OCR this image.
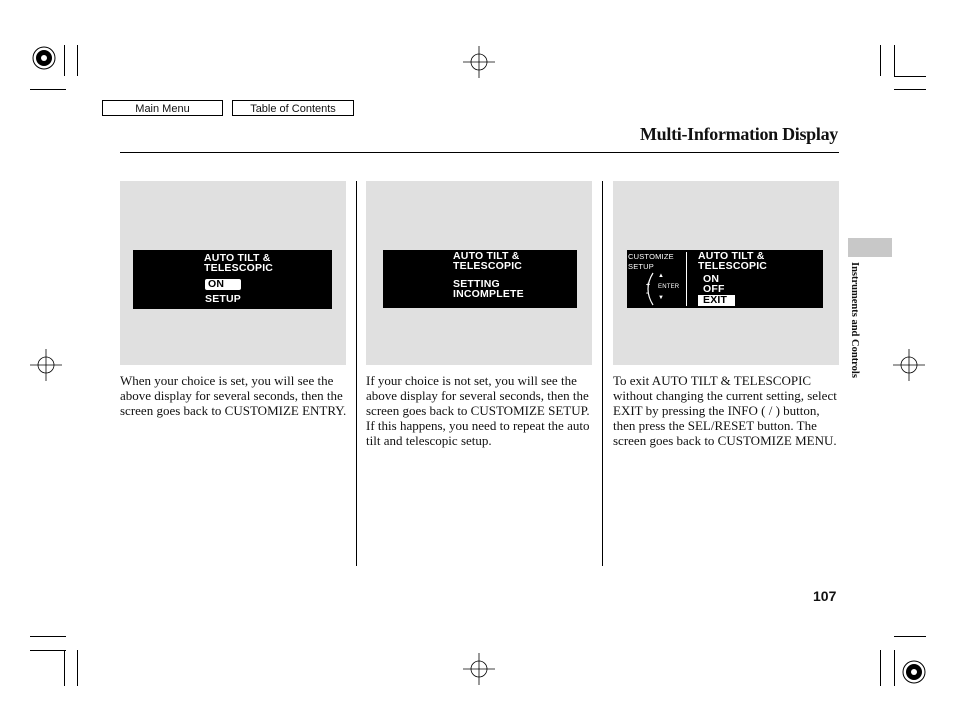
Main Menu	Table of Contents
Multi-Information Display
AUTO TILT &
TELESCOPIC
ON
SETUP
AUTO TILT &
TELESCOPIC
SETTING
INCOMPLETE
CUSTOMIZE
SETUP
+
-
▲
ENTER
▼
AUTO TILT &
TELESCOPIC
ON
OFF
EXIT

When your choice is set, you will see the above display for several seconds, then the screen goes back to CUSTOMIZE ENTRY.

If your choice is not set, you will see the above display for several seconds, then the screen goes back to CUSTOMIZE SETUP. If this happens, you need to repeat the auto tilt and telescopic setup.

To exit AUTO TILT & TELESCOPIC without changing the current setting, select EXIT by pressing the INFO ( / ) button, then press the SEL/RESET button. The screen goes back to CUSTOMIZE MENU.

Instruments and Controls
107
